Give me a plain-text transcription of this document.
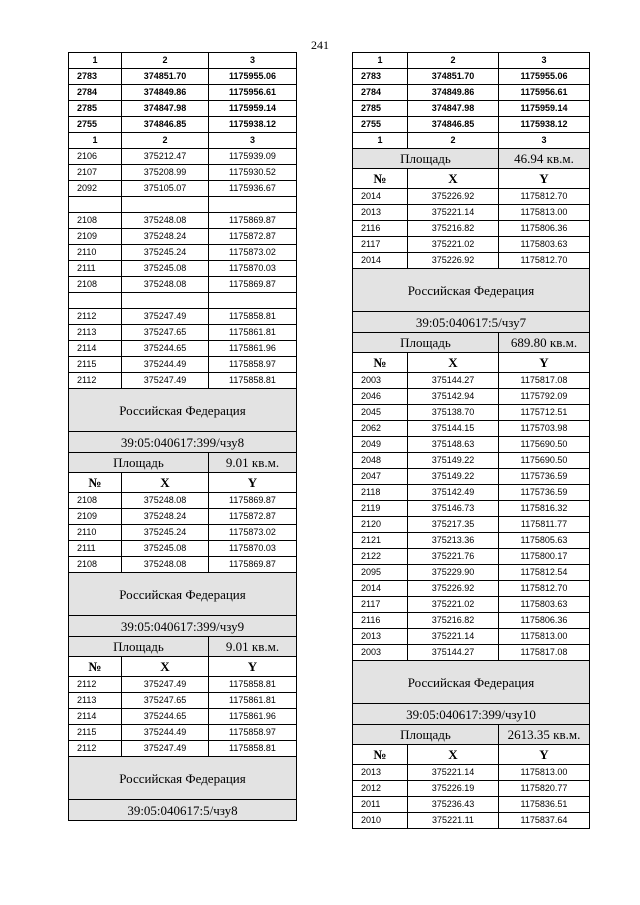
241
1	2	3
2783	374851.70	1175955.06
2784	374849.86	1175956.61
2785	374847.98	1175959.14
2755	374846.85	1175938.12
1	2	3
2106	375212.47	1175939.09
2107	375208.99	1175930.52
2092	375105.07	1175936.67

2108	375248.08	1175869.87
2109	375248.24	1175872.87
2110	375245.24	1175873.02
2111	375245.08	1175870.03
2108	375248.08	1175869.87

2112	375247.49	1175858.81
2113	375247.65	1175861.81
2114	375244.65	1175861.96
2115	375244.49	1175858.97
2112	375247.49	1175858.81
Российская Федерация		
39:05:040617:399/чзу8		
Площадь		9.01 кв.м.
№	X	Y
2108	375248.08	1175869.87
2109	375248.24	1175872.87
2110	375245.24	1175873.02
2111	375245.08	1175870.03
2108	375248.08	1175869.87
Российская Федерация		
39:05:040617:399/чзу9		
Площадь		9.01 кв.м.
№	X	Y
2112	375247.49	1175858.81
2113	375247.65	1175861.81
2114	375244.65	1175861.96
2115	375244.49	1175858.97
2112	375247.49	1175858.81
Российская Федерация		
39:05:040617:5/чзу8		
1	2	3
2783	374851.70	1175955.06
2784	374849.86	1175956.61
2785	374847.98	1175959.14
2755	374846.85	1175938.12
1	2	3
Площадь		46.94 кв.м.
№	X	Y
2014	375226.92	1175812.70
2013	375221.14	1175813.00
2116	375216.82	1175806.36
2117	375221.02	1175803.63
2014	375226.92	1175812.70
Российская Федерация		
39:05:040617:5/чзу7		
Площадь		689.80 кв.м.
№	X	Y
2003	375144.27	1175817.08
2046	375142.94	1175792.09
2045	375138.70	1175712.51
2062	375144.15	1175703.98
2049	375148.63	1175690.50
2048	375149.22	1175690.50
2047	375149.22	1175736.59
2118	375142.49	1175736.59
2119	375146.73	1175816.32
2120	375217.35	1175811.77
2121	375213.36	1175805.63
2122	375221.76	1175800.17
2095	375229.90	1175812.54
2014	375226.92	1175812.70
2117	375221.02	1175803.63
2116	375216.82	1175806.36
2013	375221.14	1175813.00
2003	375144.27	1175817.08
Российская Федерация		
39:05:040617:399/чзу10		
Площадь		2613.35 кв.м.
№	X	Y
2013	375221.14	1175813.00
2012	375226.19	1175820.77
2011	375236.43	1175836.51
2010	375221.11	1175837.64
